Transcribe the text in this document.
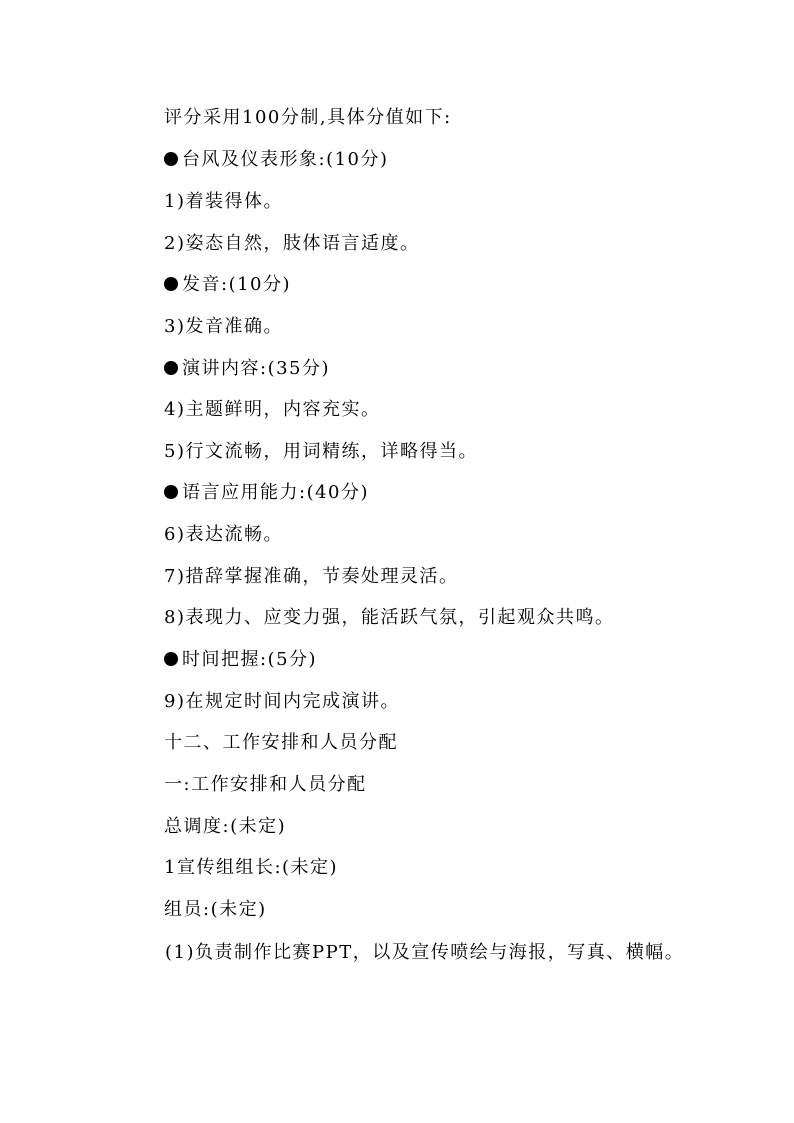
评分采用100分制,具体分值如下:
台风及仪表形象:(10分)
1)着装得体。
2)姿态自然，肢体语言适度。
发音:(10分)
3)发音准确。
演讲内容:(35分)
4)主题鲜明，内容充实。
5)行文流畅，用词精练，详略得当。
语言应用能力:(40分)
6)表达流畅。
7)措辞掌握准确，节奏处理灵活。
8)表现力、应变力强，能活跃气氛，引起观众共鸣。
时间把握:(5分)
9)在规定时间内完成演讲。
十二、工作安排和人员分配
一:工作安排和人员分配
总调度:(未定)
1宣传组组长:(未定)
组员:(未定)
(1)负责制作比赛PPT，以及宣传喷绘与海报，写真、横幅。
